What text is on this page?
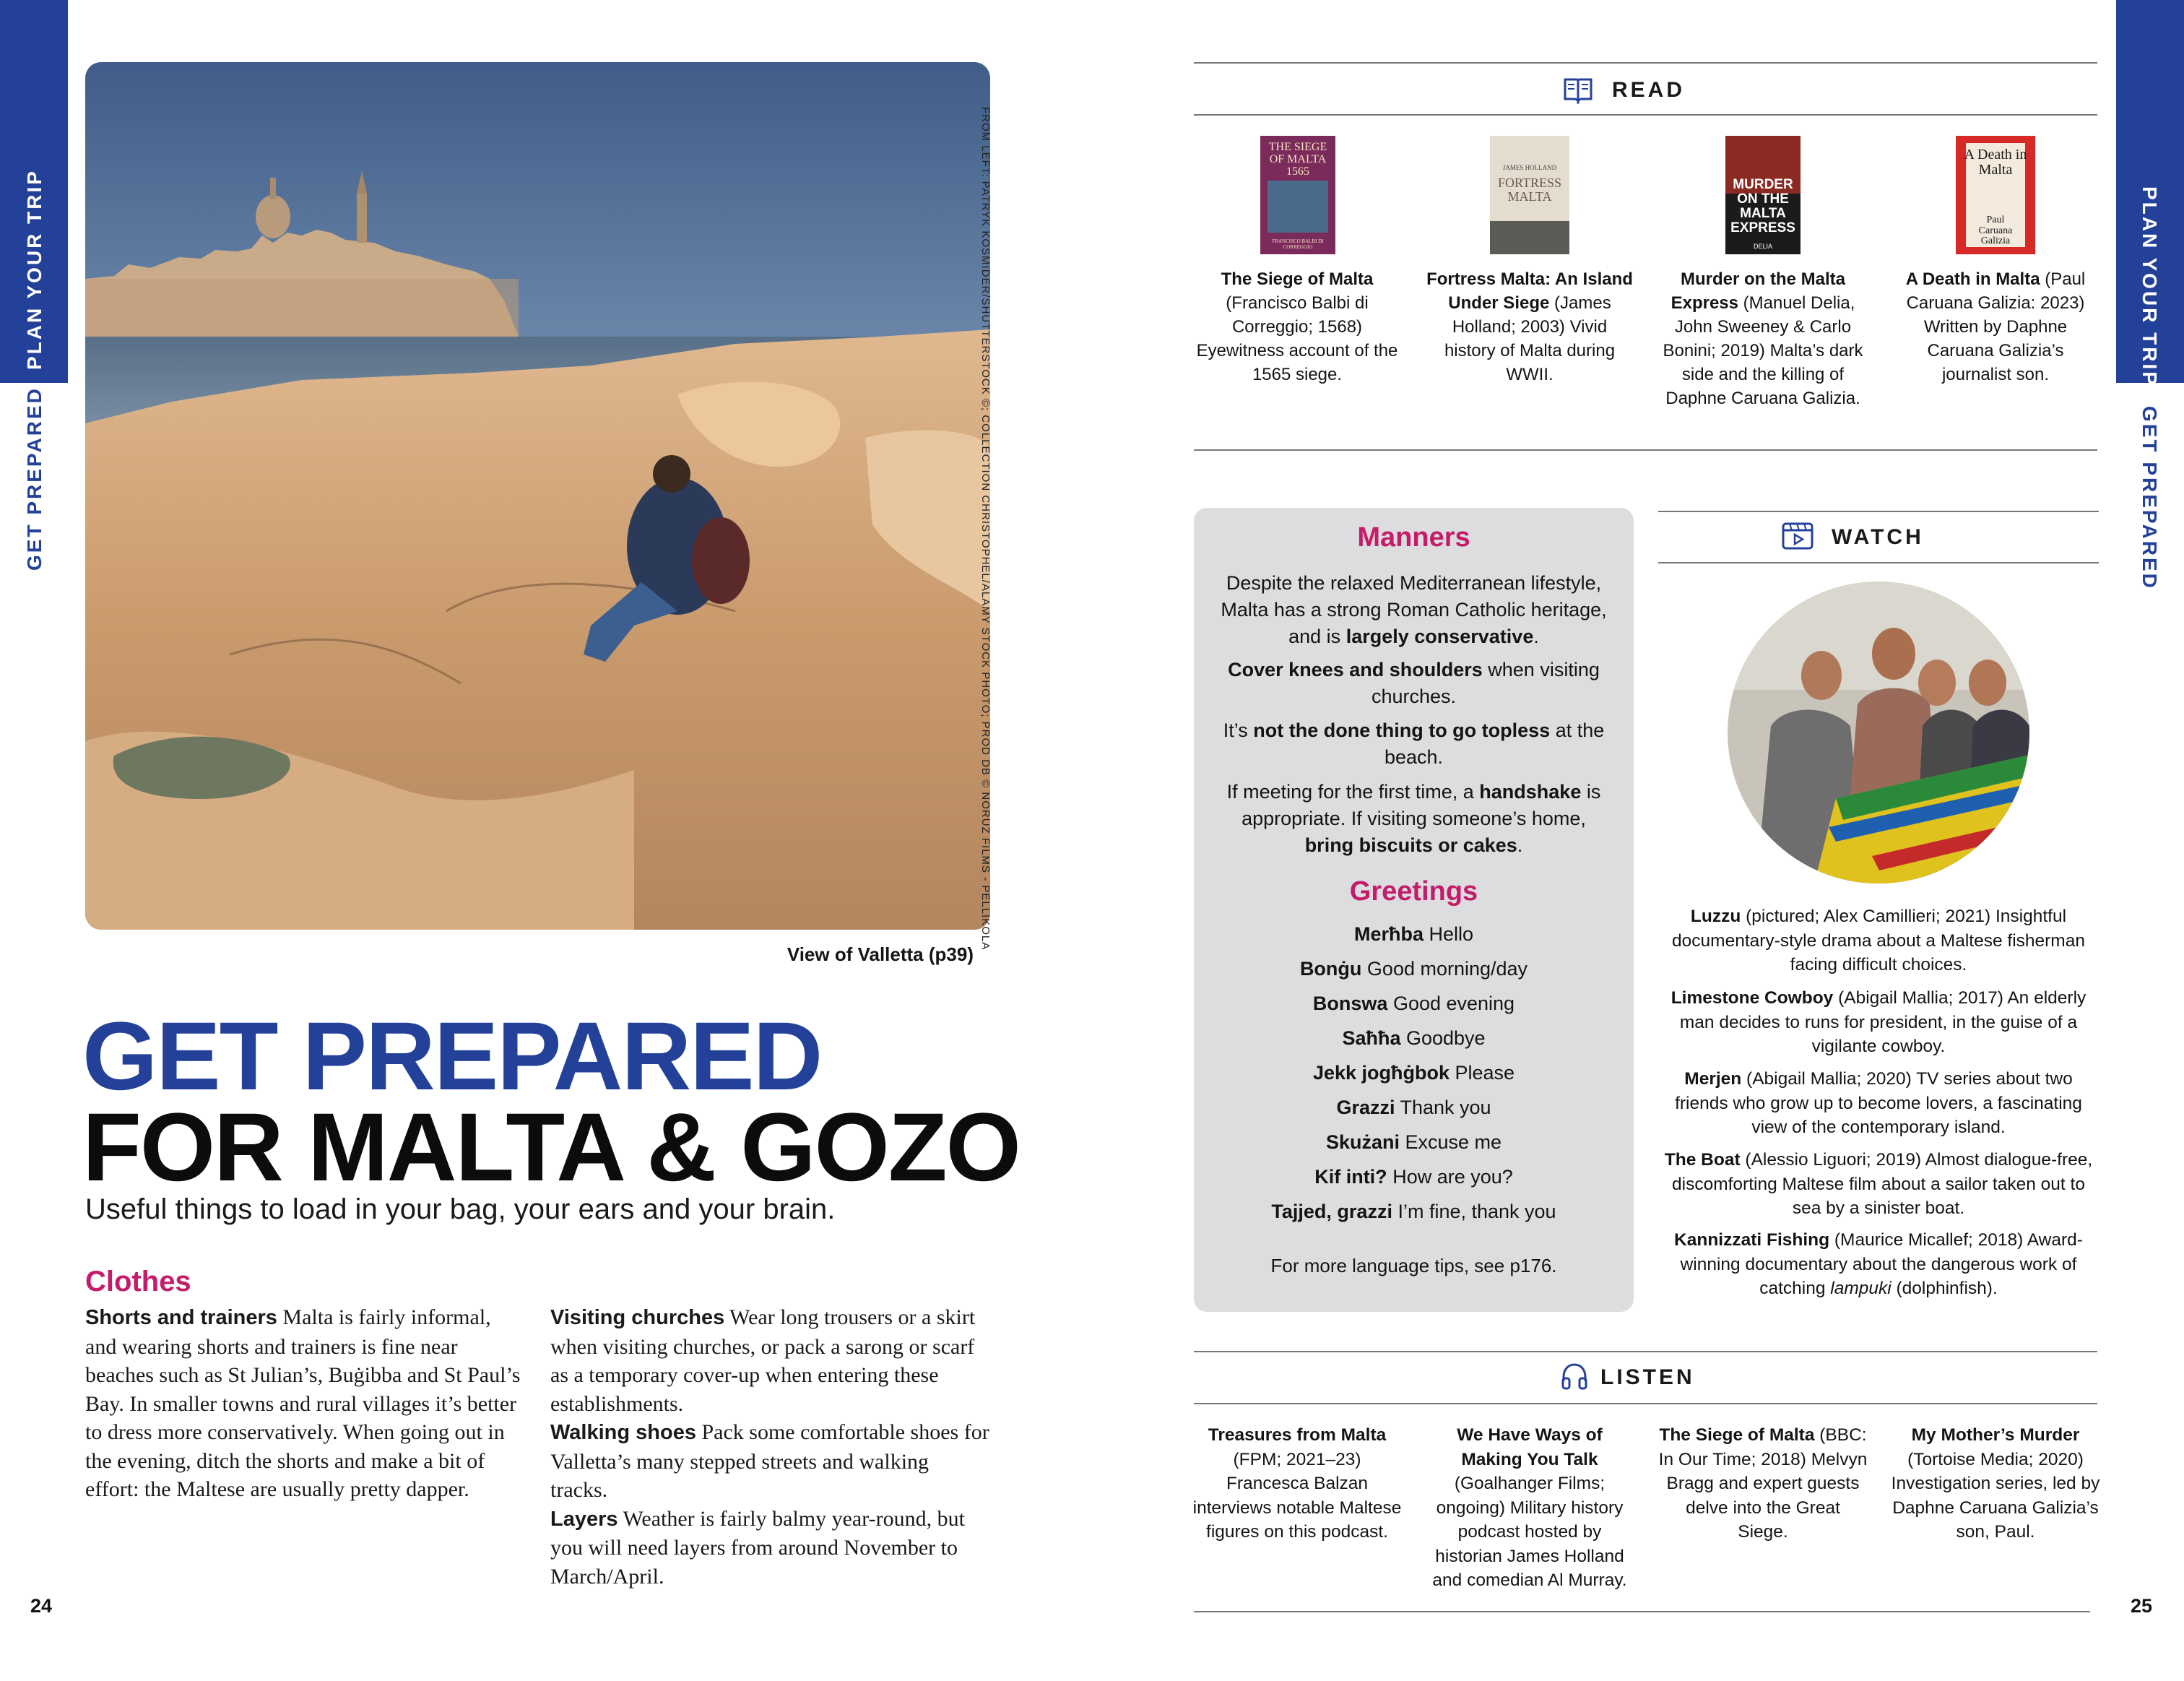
PLAN YOUR TRIP
GET PREPARED	FROM LEFT: PATRYK KOSMIDER/SHUTTERSTOCK ©; COLLECTION CHRISTOPHEL/ALAMY STOCK PHOTO; PROD DB © NORUZ FILMS - PELLIKOLA
View of Valletta (p39)
GET PREPARED
FOR MALTA & GOZO
Useful things to load in your bag, your ears and your brain.
Clothes

Shorts and trainers Malta is fairly informal, and wearing shorts and trainers is fine near beaches such as St Julian’s, Buġibba and St Paul’s Bay. In smaller towns and rural villages it’s better to dress more conservatively. When going out in the evening, ditch the shorts and make a bit of effort: the Maltese are usually pretty dapper.

Visiting churches Wear long trousers or a skirt when visiting churches, or pack a sarong or scarf as a temporary cover-up when entering these establishments.

Walking shoes Pack some comfortable shoes for Valletta’s many stepped streets and walking tracks.

Layers Weather is fairly balmy year-round, but you will need layers from around November to March/April.

24
PLAN YOUR TRIP
GET PREPARED
READ
THE SIEGE OF MALTA 1565
FRANCISCO BALBI DI CORREGGIO
JAMES HOLLAND
FORTRESS MALTA
MURDER ON THE MALTA EXPRESS
DELIA
A Death in Malta
Paul Caruana Galizia
The Siege of Malta (Francisco Balbi di Correggio; 1568) Eyewitness account of the 1565 siege.
Fortress Malta: An Island Under Siege (James Holland; 2003) Vivid history of Malta during WWII.
Murder on the Malta Express (Manuel Delia, John Sweeney & Carlo Bonini; 2019) Malta’s dark side and the killing of Daphne Caruana Galizia.
A Death in Malta (Paul Caruana Galizia: 2023) Written by Daphne Caruana Galizia’s journalist son.
Manners
Despite the relaxed Mediterranean lifestyle, Malta has a strong Roman Catholic heritage, and is largely conservative.
Cover knees and shoulders when visiting churches.
It’s not the done thing to go topless at the beach.
If meeting for the first time, a handshake is appropriate. If visiting someone’s home, bring biscuits or cakes.
Greetings
Merħba Hello
Bonġu Good morning/day
Bonswa Good evening
Saħħa Goodbye
Jekk jogħġbok Please
Grazzi Thank you
Skużani Excuse me
Kif inti? How are you?
Tajjed, grazzi I’m fine, thank you
For more language tips, see p176.
WATCH
Luzzu (pictured; Alex Camillieri; 2021) Insightful documentary-style drama about a Maltese fisherman facing difficult choices.
Limestone Cowboy (Abigail Mallia; 2017) An elderly man decides to runs for president, in the guise of a vigilante cowboy.
Merjen (Abigail Mallia; 2020) TV series about two friends who grow up to become lovers, a fascinating view of the contemporary island.
The Boat (Alessio Liguori; 2019) Almost dialogue-free, discomforting Maltese film about a sailor taken out to sea by a sinister boat.
Kannizzati Fishing (Maurice Micallef; 2018) Award-winning documentary about the dangerous work of catching lampuki (dolphinfish).
LISTEN
Treasures from Malta (FPM; 2021–23) Francesca Balzan interviews notable Maltese figures on this podcast.
We Have Ways of Making You Talk (Goalhanger Films; ongoing) Military history podcast hosted by historian James Holland and comedian Al Murray.
The Siege of Malta (BBC: In Our Time; 2018) Melvyn Bragg and expert guests delve into the Great Siege.
My Mother’s Murder (Tortoise Media; 2020) Investigation series, led by Daphne Caruana Galizia’s son, Paul.
25
